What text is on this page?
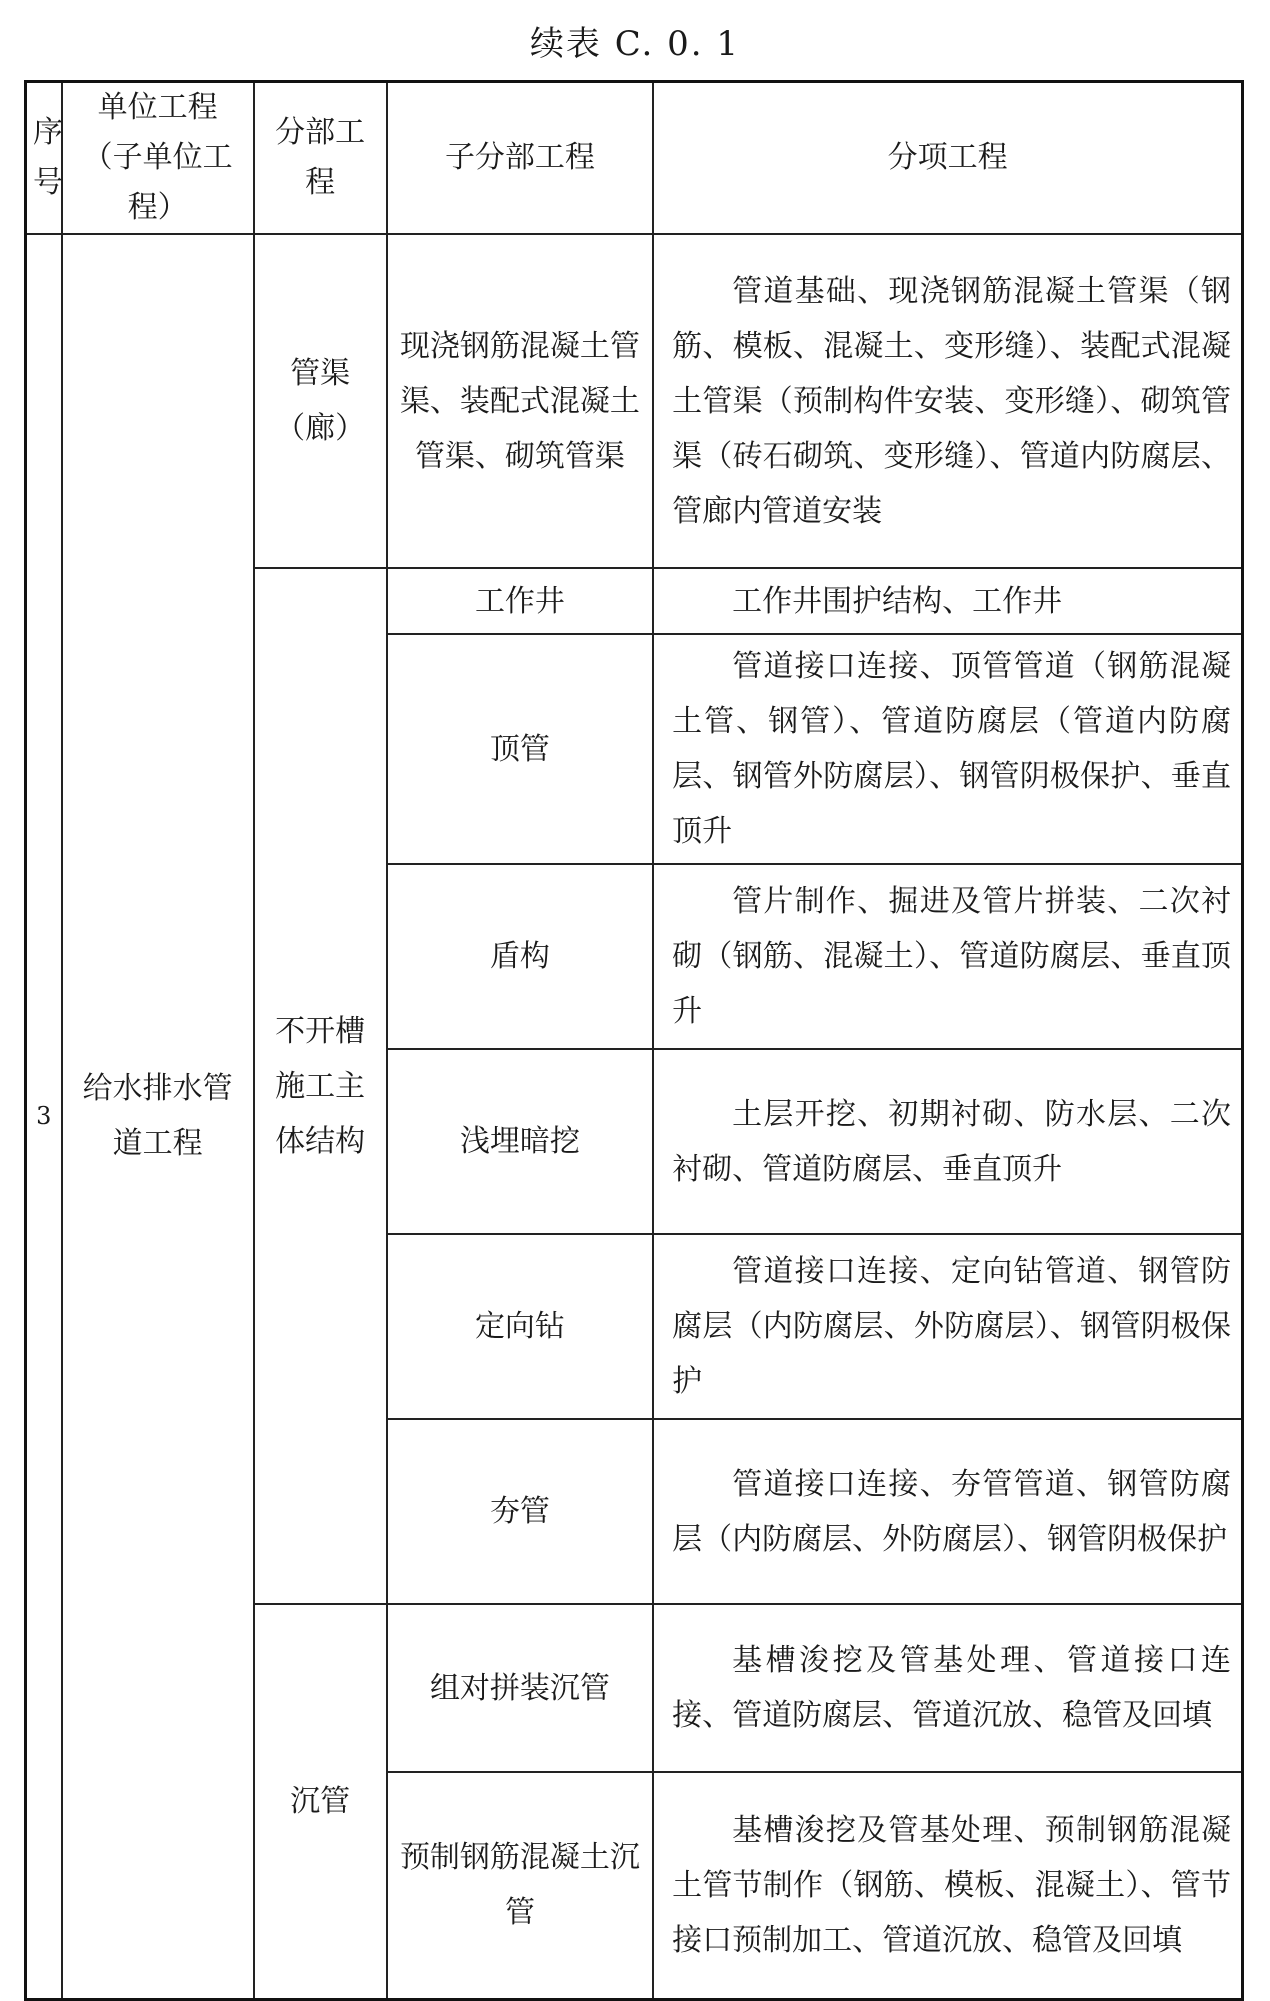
续表 C. 0. 1
序号	单位工程（子单位工程）	分部工程	子分部工程	分项工程
3	给水排水管道工程	管渠（廊）	现浇钢筋混凝土管渠、装配式混凝土管渠、砌筑管渠	管道基础、现浇钢筋混凝土管渠（钢筋、模板、混凝土、变形缝）、装配式混凝土管渠（预制构件安装、变形缝）、砌筑管渠（砖石砌筑、变形缝）、管道内防腐层、管廊内管道安装
		不开槽施工主体结构	工作井	工作井围护结构、工作井
			顶管	管道接口连接、顶管管道（钢筋混凝土管、钢管）、管道防腐层（管道内防腐层、钢管外防腐层）、钢管阴极保护、垂直顶升
			盾构	管片制作、掘进及管片拼装、二次衬砌（钢筋、混凝土）、管道防腐层、垂直顶升
			浅埋暗挖	土层开挖、初期衬砌、防水层、二次衬砌、管道防腐层、垂直顶升
			定向钻	管道接口连接、定向钻管道、钢管防腐层（内防腐层、外防腐层）、钢管阴极保护
			夯管	管道接口连接、夯管管道、钢管防腐层（内防腐层、外防腐层）、钢管阴极保护
		沉管	组对拼装沉管	基槽浚挖及管基处理、管道接口连接、管道防腐层、管道沉放、稳管及回填
			预制钢筋混凝土沉管	基槽浚挖及管基处理、预制钢筋混凝土管节制作（钢筋、模板、混凝土）、管节接口预制加工、管道沉放、稳管及回填
